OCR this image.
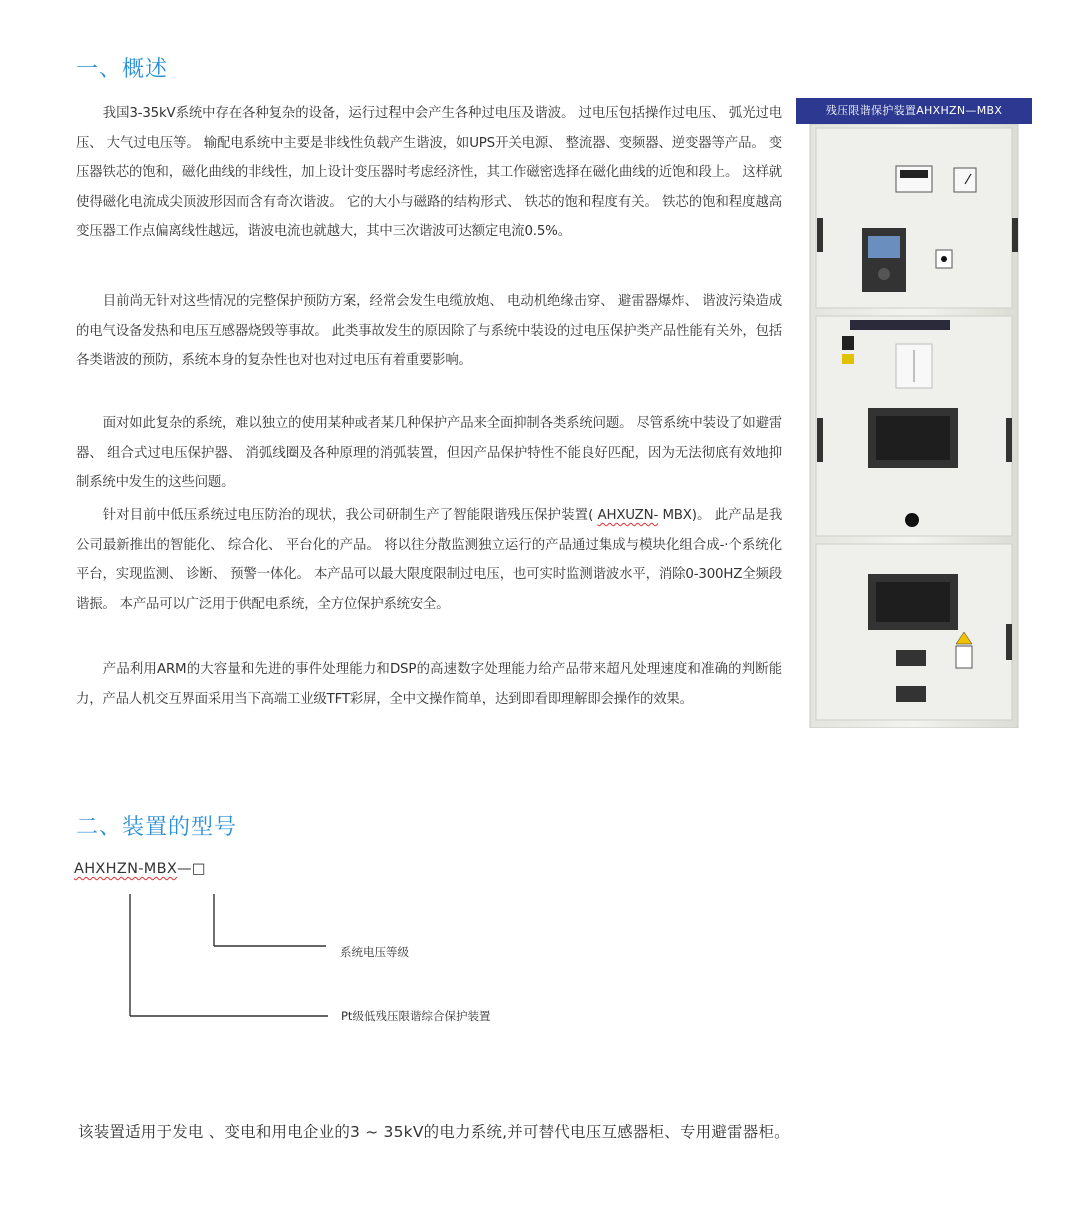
一、概述

我国3-35kV系统中存在各种复杂的设备，运行过程中会产生各种过电压及谐波。 过电压包括操作过电压、 弧光过电压、 大气过电压等。 输配电系统中主要是非线性负载产生谐波，如UPS开关电源、 整流器、变频器、逆变器等产品。 变压器铁芯的饱和，磁化曲线的非线性，加上设计变压器时考虑经济性，其工作磁密选择在磁化曲线的近饱和段上。 这样就使得磁化电流成尖顶波形因而含有奇次谐波。 它的大小与磁路的结构形式、 铁芯的饱和程度有关。 铁芯的饱和程度越高变压器工作点偏离线性越远，谐波电流也就越大，其中三次谐波可达额定电流0.5%。

目前尚无针对这些情况的完整保护预防方案，经常会发生电缆放炮、 电动机绝缘击穿、 避雷器爆炸、 谐波污染造成的电气设备发热和电压互感器烧毁等事故。 此类事故发生的原因除了与系统中装设的过电压保护类产品性能有关外，包括各类谐波的预防，系统本身的复杂性也对也对过电压有着重要影响。

面对如此复杂的系统，难以独立的使用某种或者某几种保护产品来全面抑制各类系统问题。 尽管系统中装设了如避雷器、 组合式过电压保护器、 消弧线圈及各种原理的消弧装置，但因产品保护特性不能良好匹配，因为无法彻底有效地抑制系统中发生的这些问题。

针对目前中低压系统过电压防治的现状，我公司研制生产了智能限谐残压保护装置( AHXUZN- MBX)。 此产品是我公司最新推出的智能化、 综合化、 平台化的产品。 将以往分散监测独立运行的产品通过集成与模块化组合成-·个系统化平台，实现监测、 诊断、 预警一体化。 本产品可以最大限度限制过电压，也可实时监测谐波水平，消除0-300HZ全频段谐振。 本产品可以广泛用于供配电系统，全方位保护系统安全。

产品利用ARM的大容量和先进的事件处理能力和DSP的高速数字处理能力给产品带来超凡处理速度和准确的判断能力，产品人机交互界面采用当下高端工业级TFT彩屏，全中文操作简单，达到即看即理解即会操作的效果。

残压限谐保护装置AHXHZN—MBX
二、装置的型号

AHXHZN-MBX—□

系统电压等级
Pt级低残压限谐综合保护装置

该装置适用于发电 、变电和用电企业的3 ~ 35kV的电力系统,并可替代电压互感器柜、专用避雷器柜。
